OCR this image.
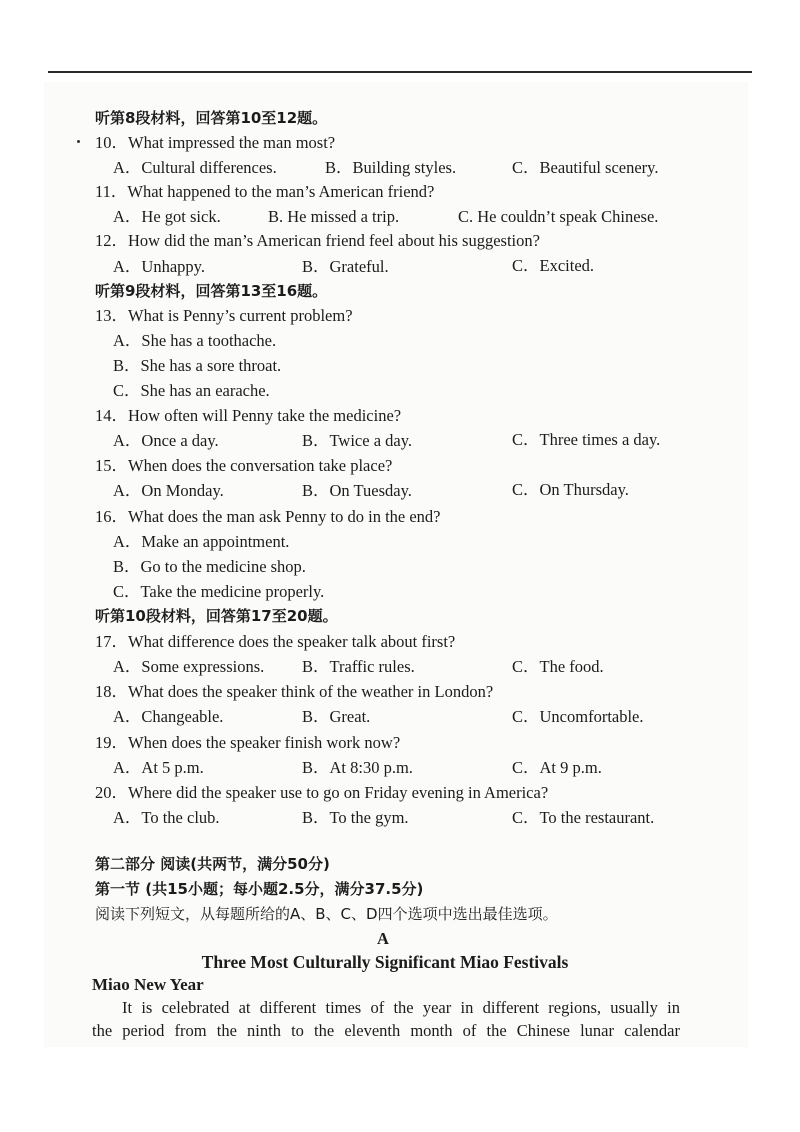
听第8段材料，回答第10至12题。
10．What impressed the man most?
A．Cultural differences.	B．Building styles.	C．Beautiful scenery.
11．What happened to the man’s American friend?
A．He got sick.	B. He missed a trip.	C. He couldn’t speak Chinese.
12．How did the man’s American friend feel about his suggestion?
A．Unhappy.	B．Grateful.	C．Excited.
听第9段材料，回答第13至16题。
13．What is Penny’s current problem?
A．She has a toothache.
B．She has a sore throat.
C．She has an earache.
14．How often will Penny take the medicine?
A．Once a day.	B．Twice a day.	C．Three times a day.
15．When does the conversation take place?
A．On Monday.	B．On Tuesday.	C．On Thursday.
16．What does the man ask Penny to do in the end?
A．Make an appointment.
B．Go to the medicine shop.
C．Take the medicine properly.
听第10段材料，回答第17至20题。
17．What difference does the speaker talk about first?
A．Some expressions. B．Traffic rules.	C．The food.
18．What does the speaker think of the weather in London?
A．Changeable.	B．Great.	C．Uncomfortable.
19．When does the speaker finish work now?
A．At 5 p.m.	B．At 8:30 p.m.	C．At 9 p.m.
20．Where did the speaker use to go on Friday evening in America?
A．To the club.	B．To the gym.	C．To the restaurant.
第二部分 阅读(共两节，满分50分)
第一节 (共15小题；每小题2.5分，满分37.5分)
阅读下列短文，从每题所给的A、B、C、D四个选项中选出最佳选项。
A
Three Most Culturally Significant Miao Festivals
Miao New Year
It is celebrated at different times of the year in different regions, usually in
the period from the ninth to the eleventh month of the Chinese lunar calendar
